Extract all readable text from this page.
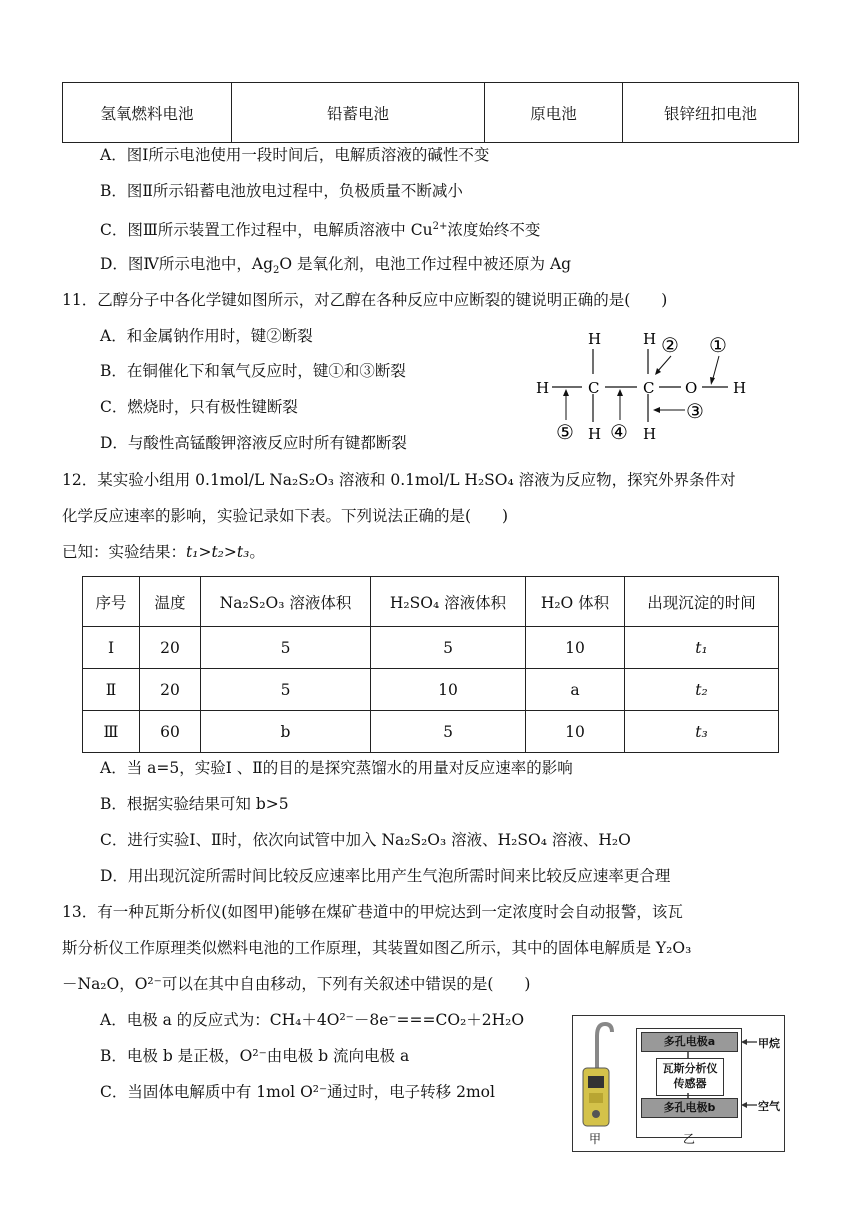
氢氧燃料电池	铅蓄电池	原电池	银锌纽扣电池
A．图Ⅰ所示电池使用一段时间后，电解质溶液的碱性不变
B．图Ⅱ所示铅蓄电池放电过程中，负极质量不断减小
C．图Ⅲ所示装置工作过程中，电解质溶液中 $Cu^{2+}$浓度始终不变
D．图Ⅳ所示电池中，$Ag_2O$ 是氧化剂，电池工作过程中被还原为 Ag
11．乙醇分子中各化学键如图所示，对乙醇在各种反应中应断裂的键说明正确的是(　　)
A．和金属钠作用时，键②断裂
B．在铜催化下和氧气反应时，键①和③断裂
C．燃烧时，只有极性键断裂
D．与酸性高锰酸钾溶液反应时所有键都断裂
H	C	C O H
H
H
H
H
② ①
③
④
⑤
12．某实验小组用 0.1mol/L Na₂S₂O₃ 溶液和 0.1mol/L H₂SO₄ 溶液为反应物，探究外界条件对
化学反应速率的影响，实验记录如下表。下列说法正确的是(　　)
已知：实验结果：t₁>t₂>t₃。
序号	温度	Na₂S₂O₃ 溶液体积	H₂SO₄ 溶液体积	H₂O 体积	出现沉淀的时间
Ⅰ	20	5	5	10	t₁
Ⅱ	20	5	10	a	t₂
Ⅲ	60	b	5	10	t₃
A．当 a=5，实验Ⅰ 、Ⅱ的目的是探究蒸馏水的用量对反应速率的影响
B．根据实验结果可知 b>5
C．进行实验Ⅰ、Ⅱ时，依次向试管中加入 Na₂S₂O₃ 溶液、H₂SO₄ 溶液、H₂O
D．用出现沉淀所需时间比较反应速率比用产生气泡所需时间来比较反应速率更合理
13．有一种瓦斯分析仪(如图甲)能够在煤矿巷道中的甲烷达到一定浓度时会自动报警，该瓦
斯分析仪工作原理类似燃料电池的工作原理，其装置如图乙所示，其中的固体电解质是 Y₂O₃
－Na₂O，O²⁻可以在其中自由移动，下列有关叙述中错误的是(　　)
A．电极 a 的反应式为：CH₄＋4O²⁻－8e⁻===CO₂＋2H₂O
B．电极 b 是正极，O²⁻由电极 b 流向电极 a
C．当固体电解质中有 1mol O²⁻通过时，电子转移 2mol
甲
多孔电极a
瓦斯分析仪
传感器
多孔电极b
甲烷
空气
乙
